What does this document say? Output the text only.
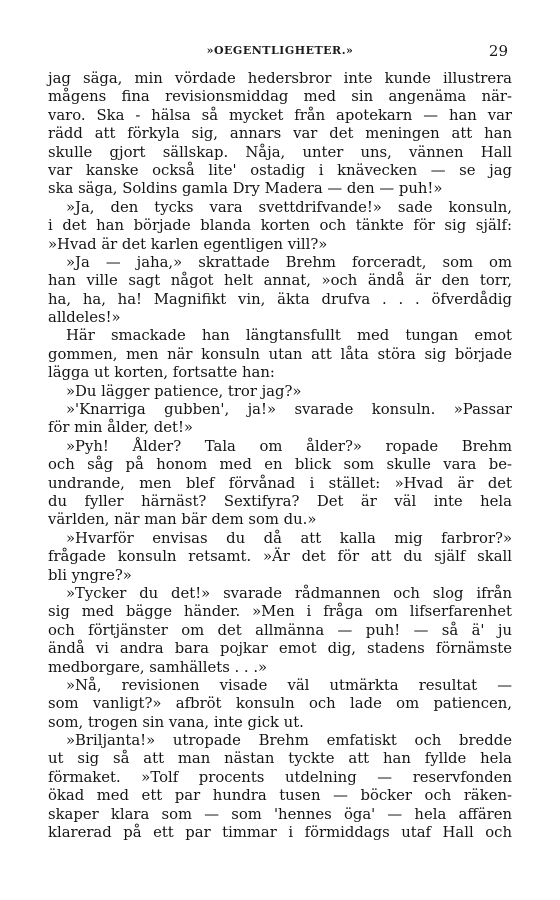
»OEGENTLIGHETER.»	29
jag säga, min vördade hedersbror inte kunde illustrera
mågens fina revisionsmiddag med sin angenäma när-
varo. Ska - hälsa så mycket från apotekarn — han var
rädd att förkyla sig, annars var det meningen att han
skulle gjort sällskap. Nåja, unter uns, vännen Hall
var kanske också lite' ostadig i knävecken — se jag
ska säga, Soldins gamla Dry Madera — den — puh!»
»Ja, den tycks vara svettdrifvande!» sade konsuln,
i det han började blanda korten och tänkte för sig själf:
»Hvad är det karlen egentligen vill?»
»Ja — jaha,» skrattade Brehm forceradt, som om
han ville sagt något helt annat, »och ändå är den torr,
ha, ha, ha! Magnifikt vin, äkta drufva . . . öfverdådig
alldeles!»
Här smackade han längtansfullt med tungan emot
gommen, men när konsuln utan att låta störa sig började
lägga ut korten, fortsatte han:
»Du lägger patience, tror jag?»
»'Knarriga gubben', ja!» svarade konsuln. »Passar
för min ålder, det!»
»Pyh! Ålder? Tala om ålder?» ropade Brehm
och såg på honom med en blick som skulle vara be-
undrande, men blef förvånad i stället: »Hvad är det
du fyller härnäst? Sextifyra? Det är väl inte hela
världen, när man bär dem som du.»
»Hvarför envisas du då att kalla mig farbror?»
frågade konsuln retsamt. »Är det för att du själf skall
bli yngre?»
»Tycker du det!» svarade rådmannen och slog ifrån
sig med bägge händer. »Men i fråga om lifserfarenhet
och förtjänster om det allmänna — puh! — så ä' ju
ändå vi andra bara pojkar emot dig, stadens förnämste
medborgare, samhällets . . .»
»Nå, revisionen visade väl utmärkta resultat —
som vanligt?» afbröt konsuln och lade om patiencen,
som, trogen sin vana, inte gick ut.
»Briljanta!» utropade Brehm emfatiskt och bredde
ut sig så att man nästan tyckte att han fyllde hela
förmaket. »Tolf procents utdelning — reservfonden
ökad med ett par hundra tusen — böcker och räken-
skaper klara som — som 'hennes öga' — hela affären
klarerad på ett par timmar i förmiddags utaf Hall och
